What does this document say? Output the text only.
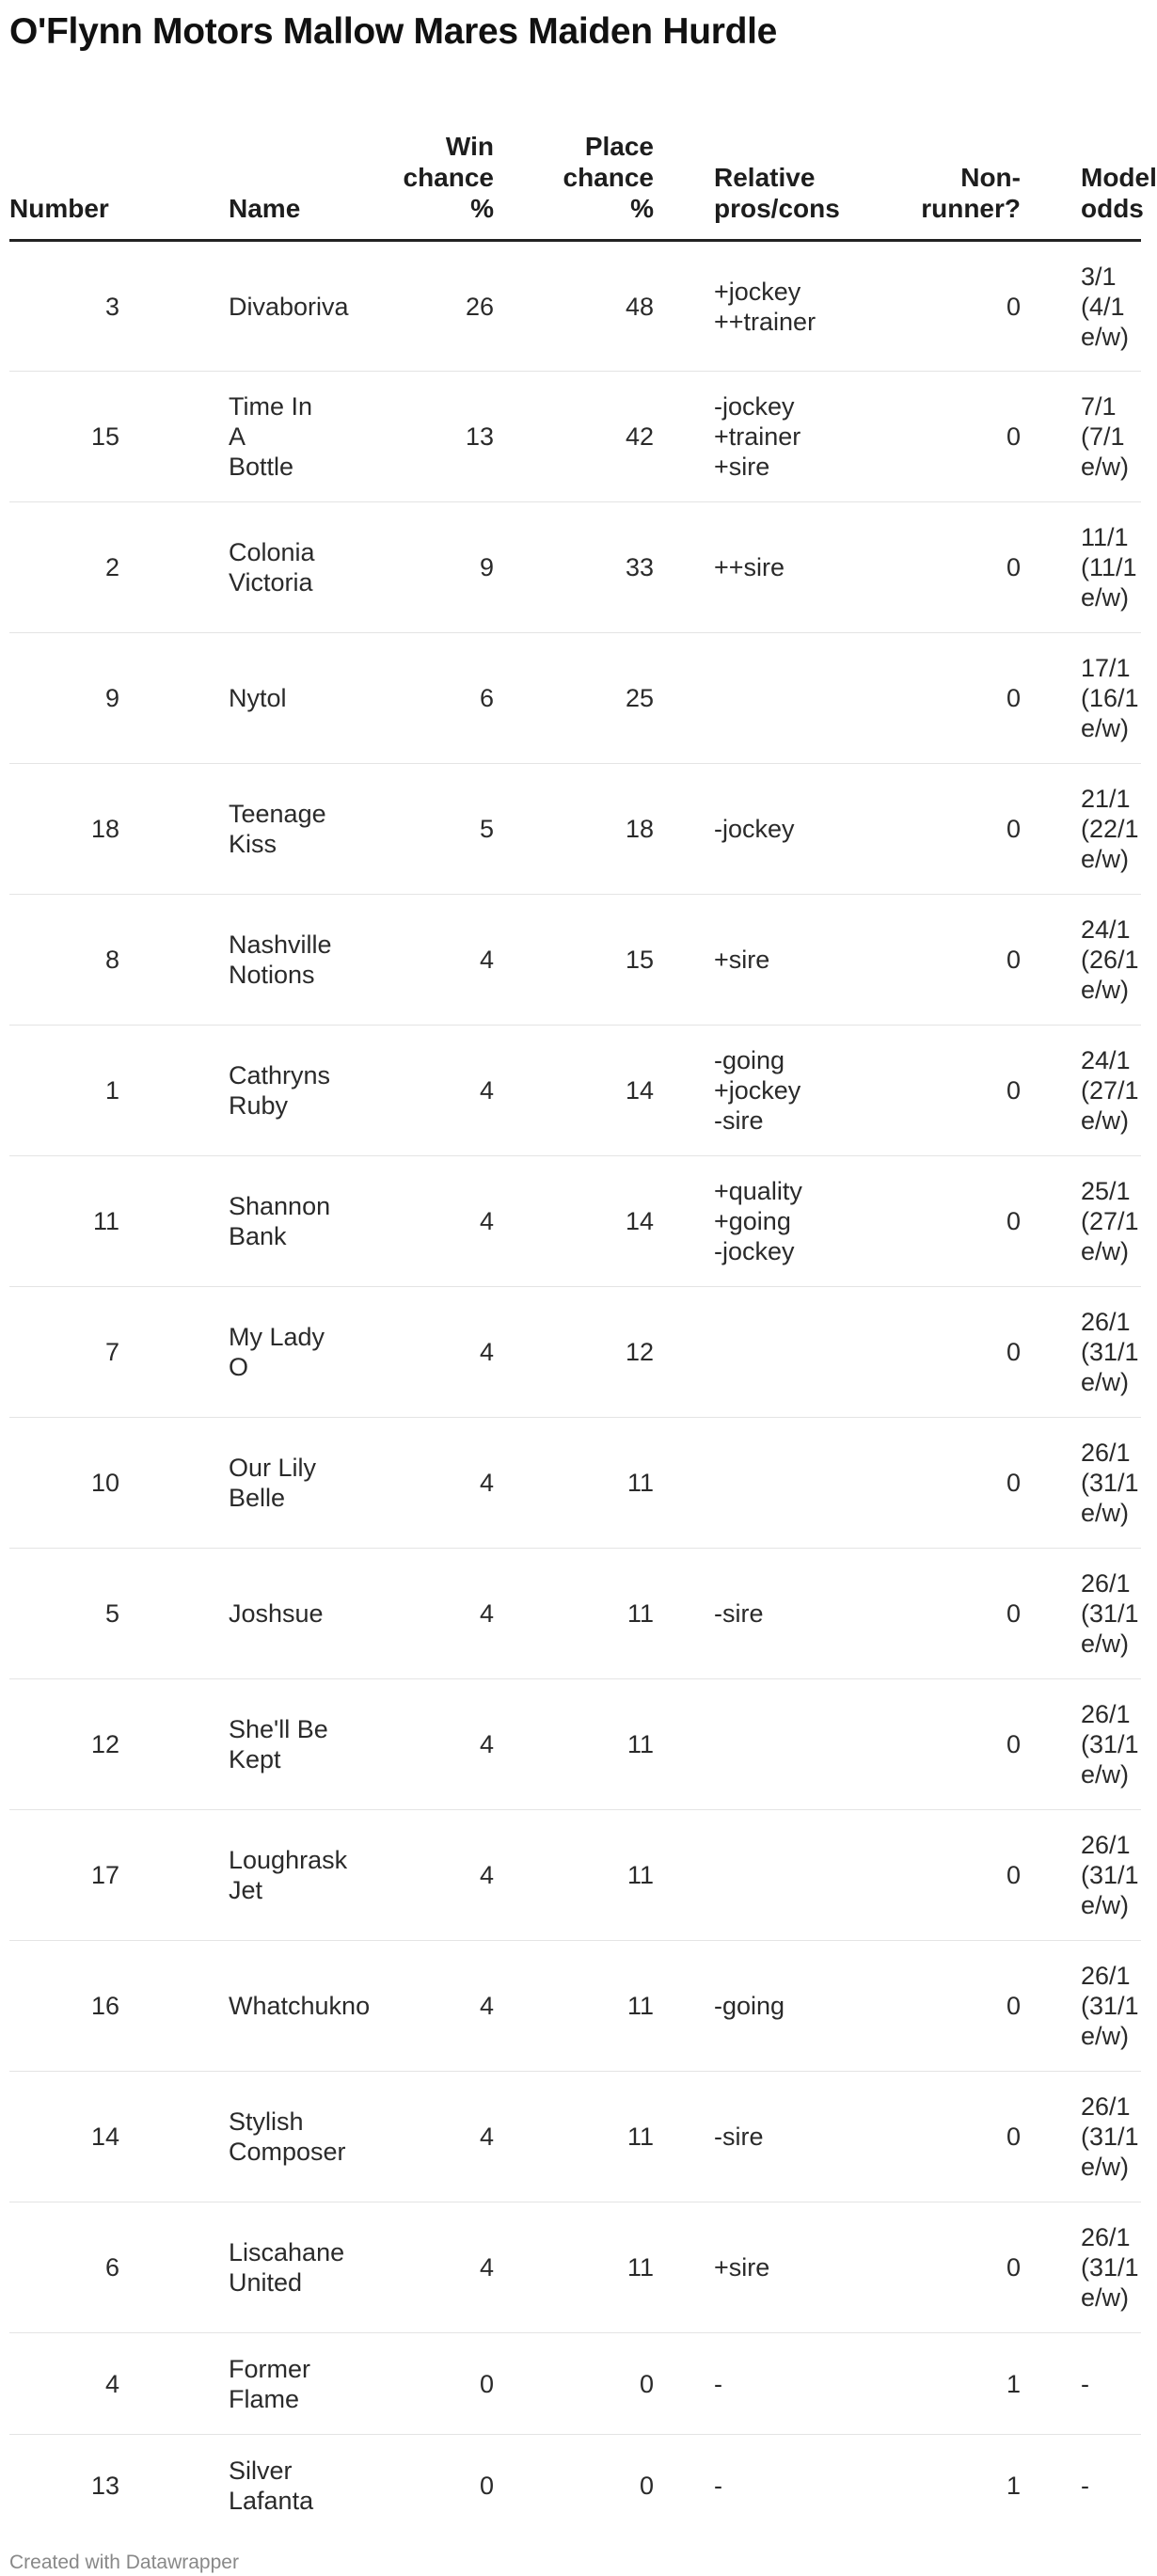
O'Flynn Motors Mallow Mares Maiden Hurdle
Number	Name	Win
chance
%	Place
chance
%	Relative
pros/cons	Non-
runner?	Model
odds

3	Divaboriva	26	48	+jockey
++trainer	0	3/1
(4/1
e/w)

15	Time In A
Bottle	13	42	-jockey
+trainer
+sire	0	7/1
(7/1
e/w)

2	Colonia
Victoria	9	33	++sire	0	11/1
(11/1
e/w)

9	Nytol	6	25		0	17/1
(16/1
e/w)

18	Teenage
Kiss	5	18	-jockey	0	21/1
(22/1
e/w)

8	Nashville
Notions	4	15	+sire	0	24/1
(26/1
e/w)

1	Cathryns
Ruby	4	14	-going
+jockey
-sire	0	24/1
(27/1
e/w)

11	Shannon
Bank	4	14	+quality
+going
-jockey	0	25/1
(27/1
e/w)

7	My Lady O	4	12		0	26/1
(31/1
e/w)

10	Our Lily
Belle	4	11		0	26/1
(31/1
e/w)

5	Joshsue	4	11	-sire	0	26/1
(31/1
e/w)

12	She'll Be
Kept	4	11		0	26/1
(31/1
e/w)

17	Loughrask
Jet	4	11		0	26/1
(31/1
e/w)

16	Whatchukno	4	11	-going	0	26/1
(31/1
e/w)

14	Stylish
Composer	4	11	-sire	0	26/1
(31/1
e/w)

6	Liscahane
United	4	11	+sire	0	26/1
(31/1
e/w)

4	Former
Flame	0	0	-	1	-

13	Silver
Lafanta	0	0	-	1	-
Created with Datawrapper
